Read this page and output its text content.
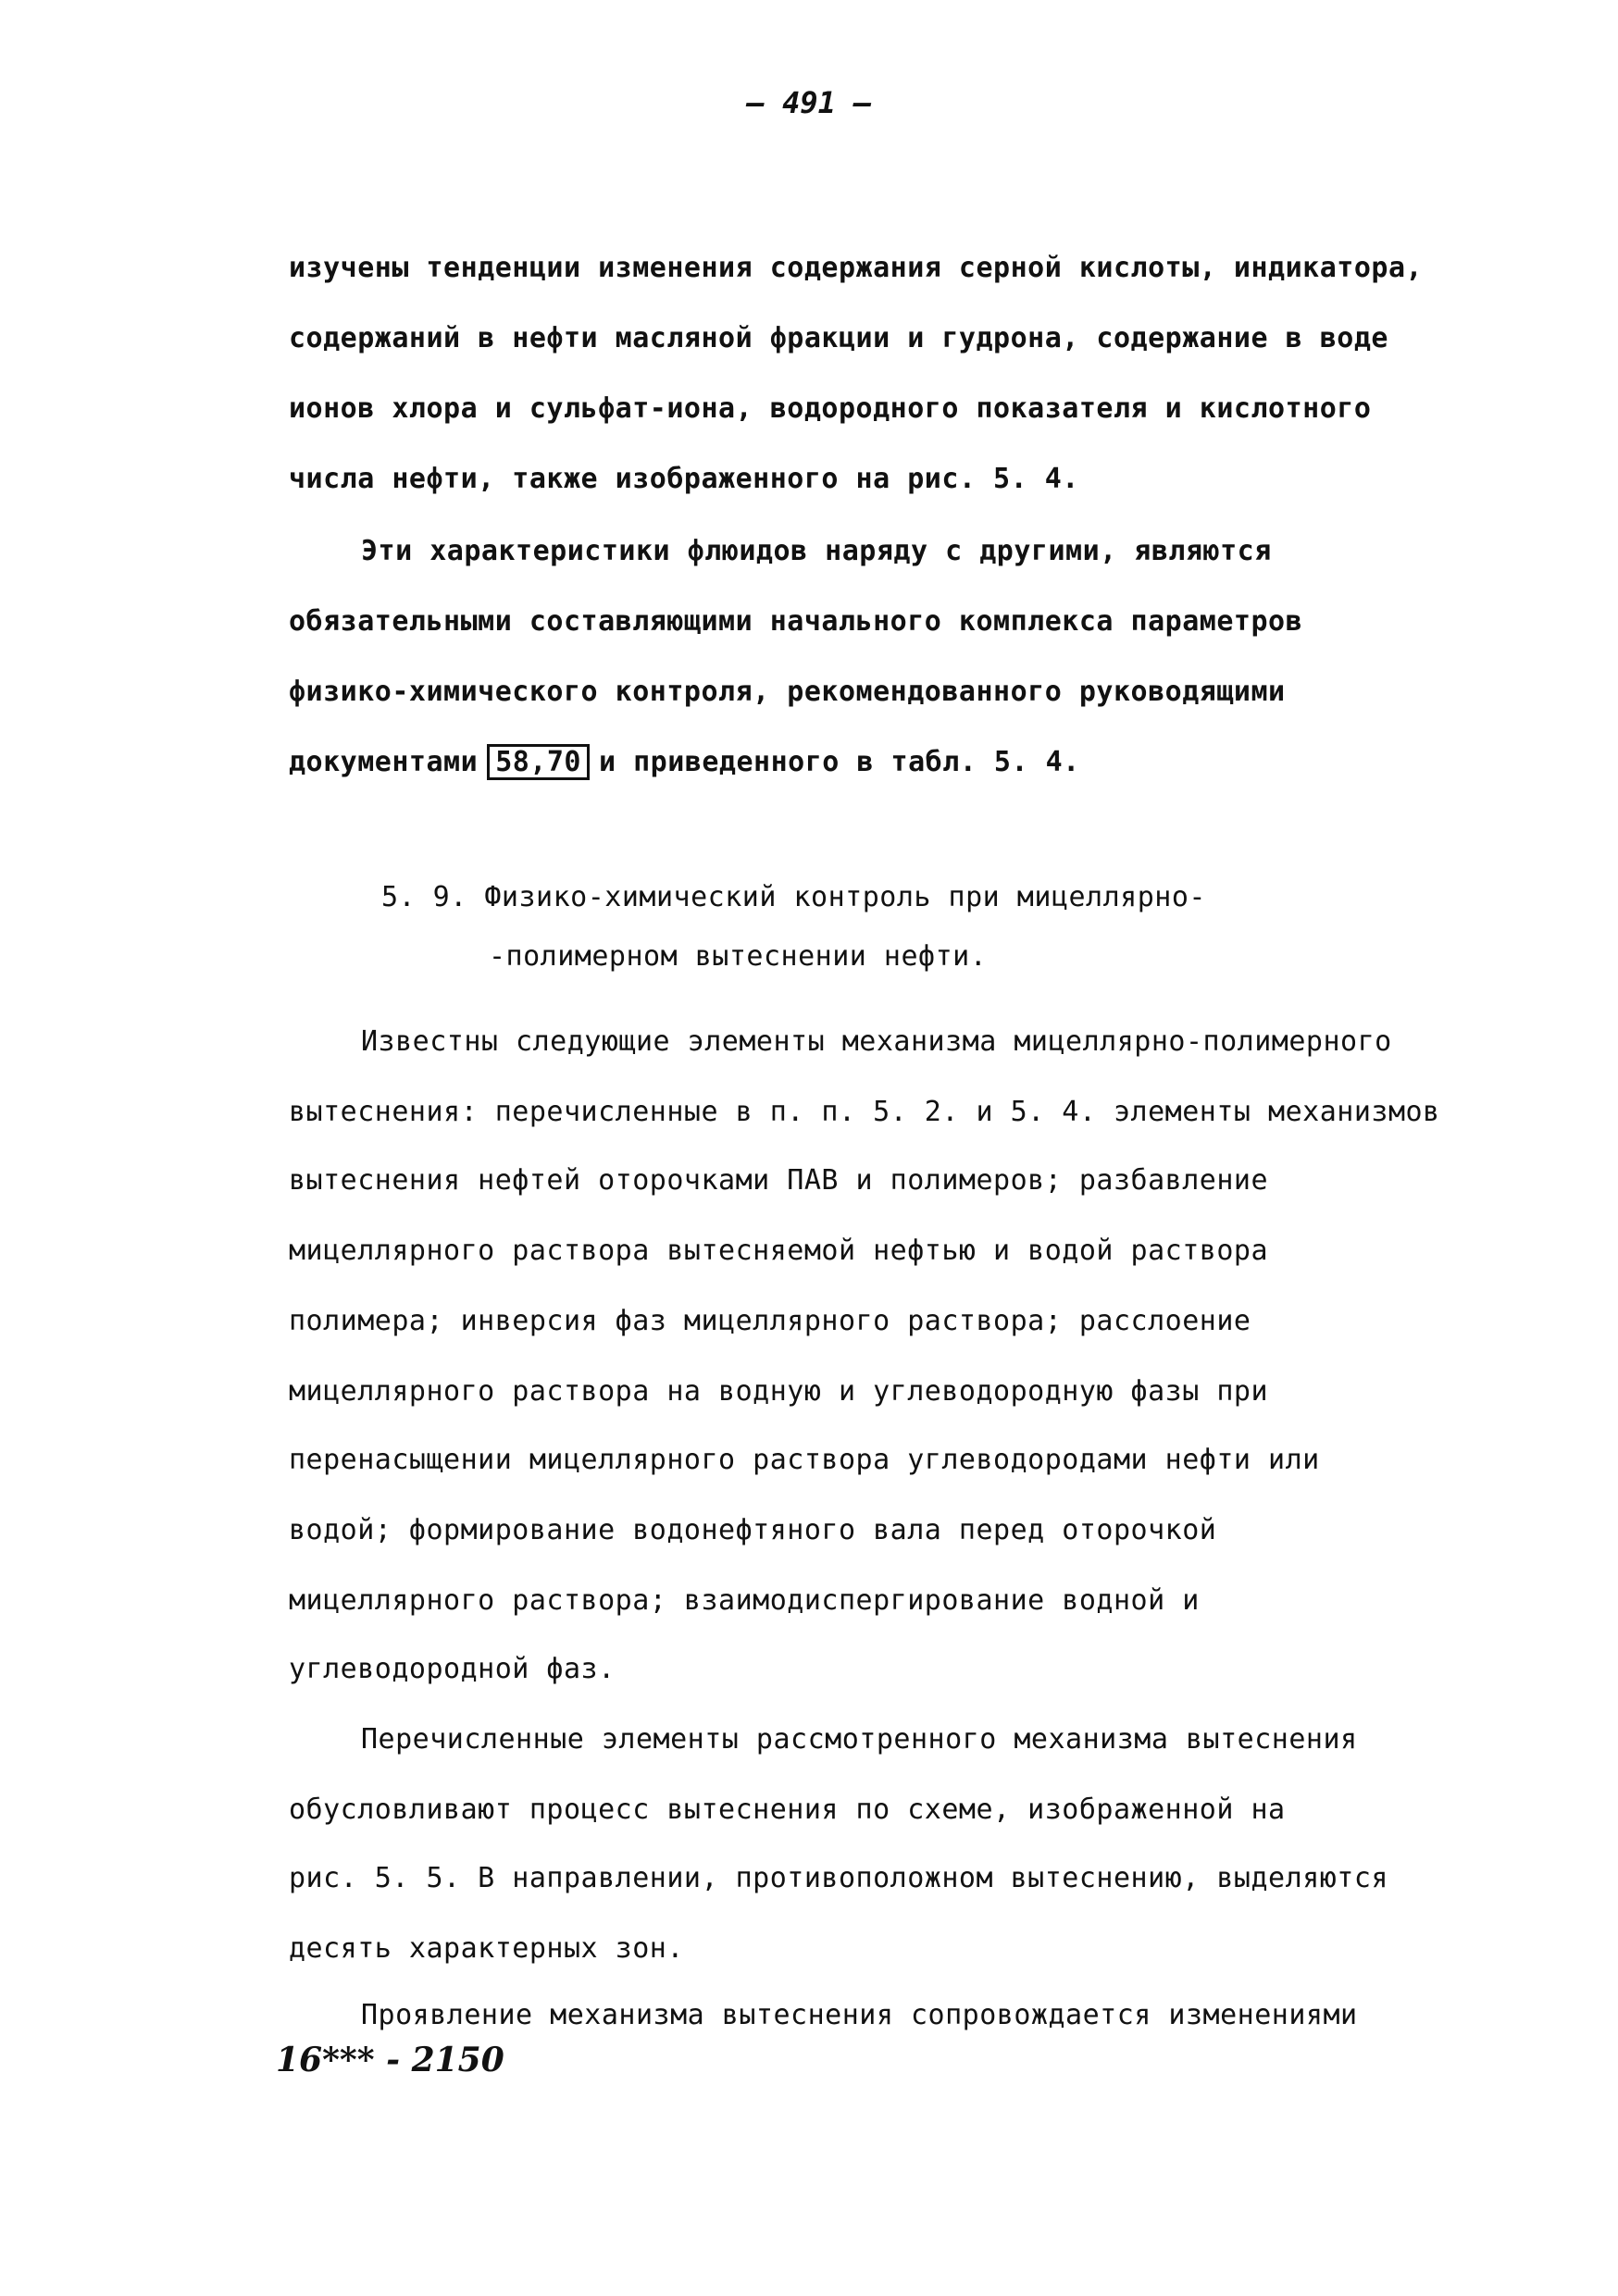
– 491 –
изучены тенденции изменения содержания серной кислоты, индикатора,
содержаний в нефти масляной фракции и гудрона, содержание в воде
ионов хлора и сульфат-иона, водородного показателя и кислотного
числа нефти, также изображенного на рис. 5. 4.
Эти характеристики флюидов наряду с другими, являются
обязательными составляющими начального комплекса параметров
физико-химического контроля, рекомендованного руководящими
документами 58,70 и приведенного в табл. 5. 4.
5. 9. Физико-химический контроль при мицеллярно-
-полимерном вытеснении нефти.
Известны следующие элементы механизма мицеллярно-полимерного
вытеснения: перечисленные в п. п. 5. 2. и 5. 4. элементы механизмов
вытеснения нефтей оторочками ПАВ и полимеров; разбавление
мицеллярного раствора вытесняемой нефтью и водой раствора
полимера; инверсия фаз мицеллярного раствора; расслоение
мицеллярного раствора на водную и углеводородную фазы при
перенасыщении мицеллярного раствора углеводородами нефти или
водой; формирование водонефтяного вала перед оторочкой
мицеллярного раствора; взаимодиспергирование водной и
углеводородной фаз.
Перечисленные элементы рассмотренного механизма вытеснения
обусловливают процесс вытеснения по схеме, изображенной на
рис. 5. 5. В направлении, противоположном вытеснению, выделяются
десять характерных зон.
Проявление механизма вытеснения сопровождается изменениями
16*** - 2150
